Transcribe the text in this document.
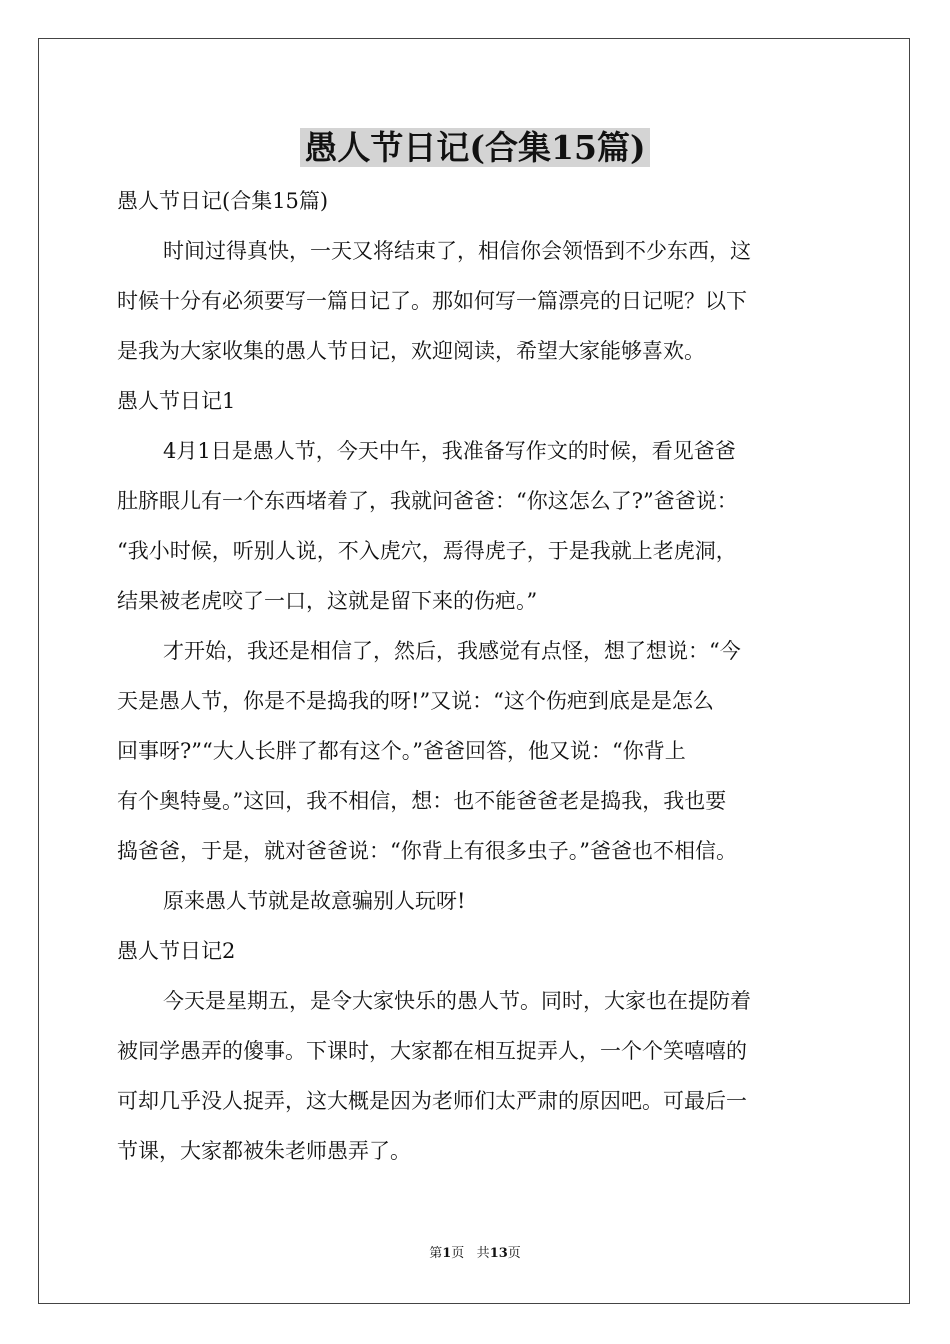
愚人节日记(合集15篇)
愚人节日记(合集15篇)
时间过得真快，一天又将结束了，相信你会领悟到不少东西，这
时候十分有必须要写一篇日记了。那如何写一篇漂亮的日记呢？以下
是我为大家收集的愚人节日记，欢迎阅读，希望大家能够喜欢。
愚人节日记1
4月1日是愚人节，今天中午，我准备写作文的时候，看见爸爸
肚脐眼儿有一个东西堵着了，我就问爸爸：“你这怎么了?”爸爸说：
“我小时候，听别人说，不入虎穴，焉得虎子，于是我就上老虎洞，
结果被老虎咬了一口，这就是留下来的伤疤。”
才开始，我还是相信了，然后，我感觉有点怪，想了想说：“今
天是愚人节，你是不是捣我的呀!”又说：“这个伤疤到底是是怎么
回事呀?”“大人长胖了都有这个。”爸爸回答，他又说：“你背上
有个奥特曼。”这回，我不相信，想：也不能爸爸老是捣我，我也要
捣爸爸，于是，就对爸爸说：“你背上有很多虫子。”爸爸也不相信。
原来愚人节就是故意骗别人玩呀!
愚人节日记2
今天是星期五，是令大家快乐的愚人节。同时，大家也在提防着
被同学愚弄的傻事。下课时，大家都在相互捉弄人，一个个笑嘻嘻的
可却几乎没人捉弄，这大概是因为老师们太严肃的原因吧。可最后一
节课，大家都被朱老师愚弄了。
第1页 共13页
